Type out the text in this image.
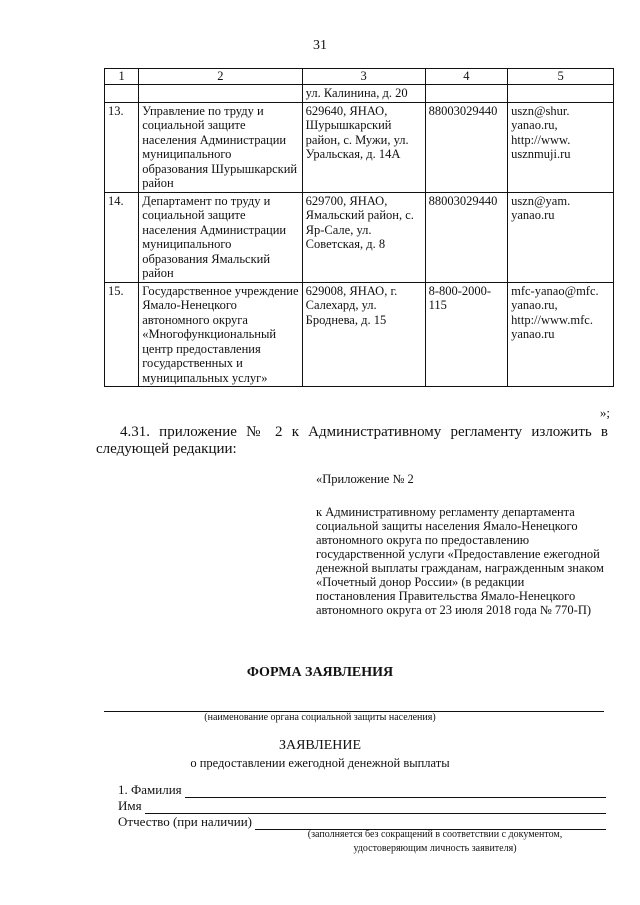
31
1	2	3	4	5
		ул. Калинина, д. 20		
13.	Управление по труду и социальной защите населения Администрации муниципального образования Шурышкарский район	629640, ЯНАО, Шурышкарский район, с. Мужи, ул. Уральская, д. 14А	88003029440	uszn@shur. yanao.ru, http://www. usznmuji.ru
14.	Департамент по труду и социальной защите населения Администрации муниципального образования Ямальский район	629700, ЯНАО, Ямальский район, с. Яр-Сале, ул. Советская, д. 8	88003029440	uszn@yam. yanao.ru
15.	Государственное учреждение Ямало-Ненецкого автономного округа «Многофункциональный центр предоставления государственных и муниципальных услуг»	629008, ЯНАО, г. Салехард, ул. Броднева, д. 15	8-800-2000-115	mfc-yanao@mfc. yanao.ru, http://www.mfc. yanao.ru
»;
4.31. приложение № 2 к Административному регламенту изложить в следующей редакции:
«Приложение № 2
к Административному регламенту департамента социальной защиты населения Ямало-Ненецкого автономного округа по предоставлению государственной услуги «Предоставление ежегодной денежной выплаты гражданам, награжденным знаком «Почетный донор России» (в редакции постановления Правительства Ямало-Ненецкого автономного округа от 23 июля 2018 года № 770-П)
ФОРМА ЗАЯВЛЕНИЯ
(наименование органа социальной защиты населения)
ЗАЯВЛЕНИЕ
о предоставлении ежегодной денежной выплаты
1. Фамилия
Имя
Отчество (при наличии)
(заполняется без сокращений в соответствии с документом,
удостоверяющим личность заявителя)
